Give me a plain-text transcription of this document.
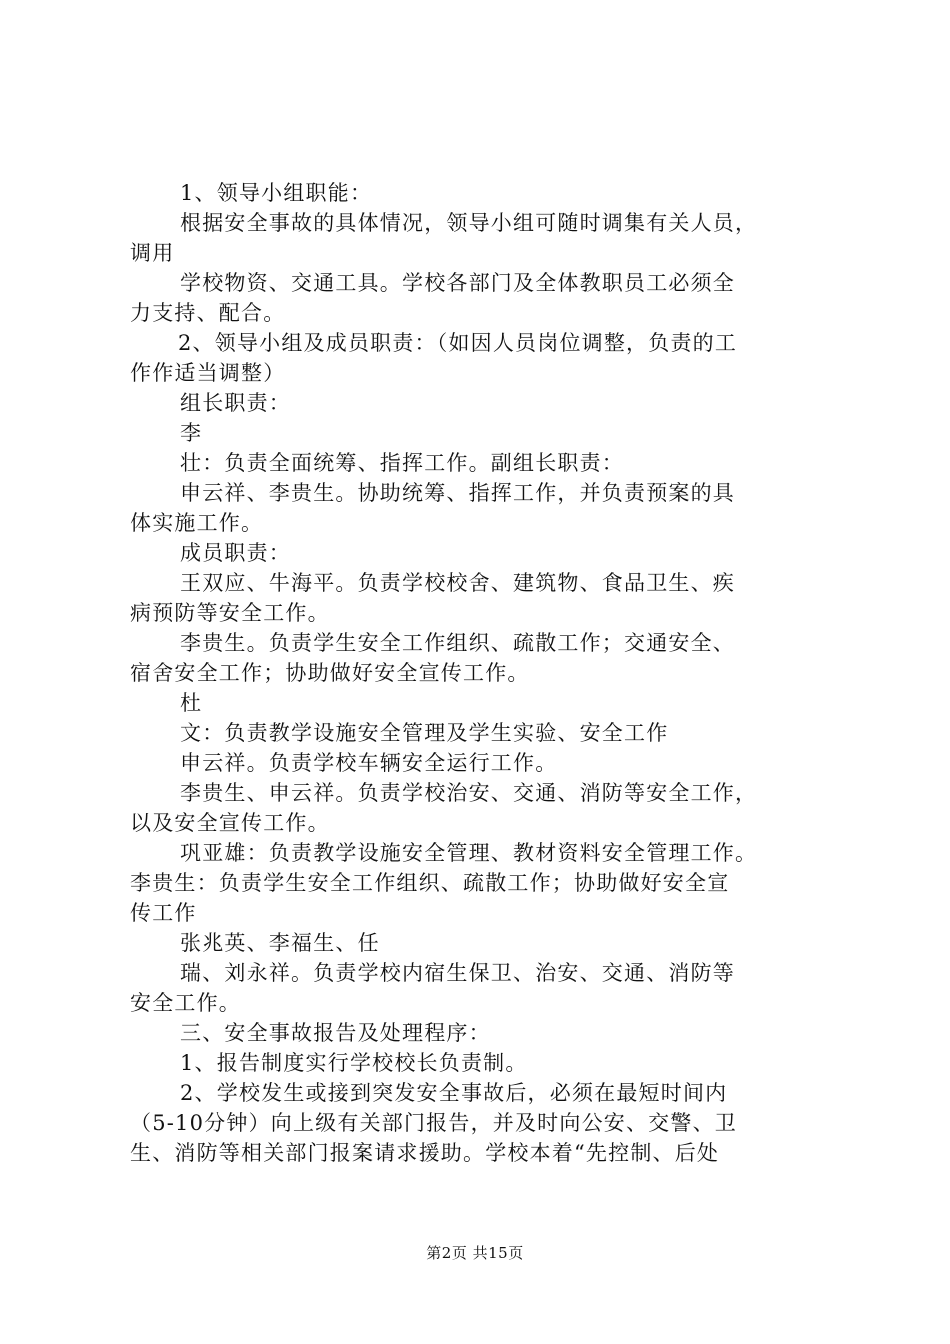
1、领导小组职能：
根据安全事故的具体情况，领导小组可随时调集有关人员，
调用
学校物资、交通工具。学校各部门及全体教职员工必须全
力支持、配合。
2、领导小组及成员职责：（如因人员岗位调整，负责的工
作作适当调整）
组长职责：
李
壮：负责全面统筹、指挥工作。副组长职责：
申云祥、李贵生。协助统筹、指挥工作，并负责预案的具
体实施工作。
成员职责：
王双应、牛海平。负责学校校舍、建筑物、食品卫生、疾
病预防等安全工作。
李贵生。负责学生安全工作组织、疏散工作；交通安全、
宿舍安全工作；协助做好安全宣传工作。
杜
文：负责教学设施安全管理及学生实验、安全工作
申云祥。负责学校车辆安全运行工作。
李贵生、申云祥。负责学校治安、交通、消防等安全工作，
以及安全宣传工作。
巩亚雄：负责教学设施安全管理、教材资料安全管理工作。
李贵生：负责学生安全工作组织、疏散工作；协助做好安全宣
传工作
张兆英、李福生、任
瑞、刘永祥。负责学校内宿生保卫、治安、交通、消防等
安全工作。
三、安全事故报告及处理程序：
1、报告制度实行学校校长负责制。
2、学校发生或接到突发安全事故后，必须在最短时间内
（5-10分钟）向上级有关部门报告，并及时向公安、交警、卫
生、消防等相关部门报案请求援助。学校本着“先控制、后处
第2页 共15页
